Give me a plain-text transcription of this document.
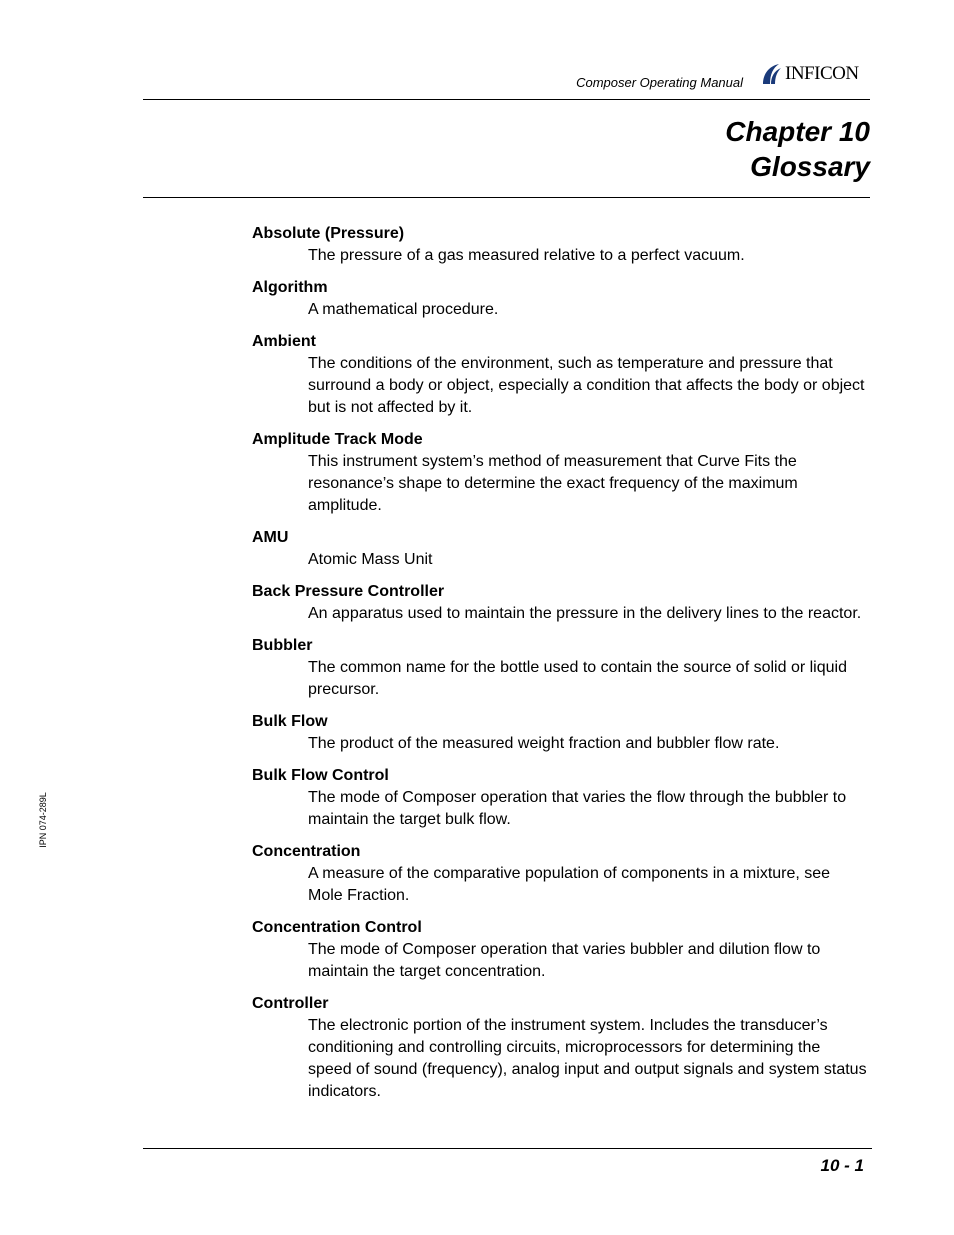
Composer Operating Manual INFICON
Chapter 10
Glossary
IPN 074-289L
Absolute (Pressure)
The pressure of a gas measured relative to a perfect vacuum.
Algorithm
A mathematical procedure.
Ambient
The conditions of the environment, such as temperature and pressure that surround a body or object, especially a condition that affects the body or object but is not affected by it.
Amplitude Track Mode
This instrument system’s method of measurement that Curve Fits the resonance’s shape to determine the exact frequency of the maximum amplitude.
AMU
Atomic Mass Unit
Back Pressure Controller
An apparatus used to maintain the pressure in the delivery lines to the reactor.
Bubbler
The common name for the bottle used to contain the source of solid or liquid precursor.
Bulk Flow
The product of the measured weight fraction and bubbler flow rate.
Bulk Flow Control
The mode of Composer operation that varies the flow through the bubbler to maintain the target bulk flow.
Concentration
A measure of the comparative population of components in a mixture, see Mole Fraction.
Concentration Control
The mode of Composer operation that varies bubbler and dilution flow to maintain the target concentration.
Controller
The electronic portion of the instrument system. Includes the transducer’s conditioning and controlling circuits, microprocessors for determining the speed of sound (frequency), analog input and output signals and system status indicators.
10 - 1
